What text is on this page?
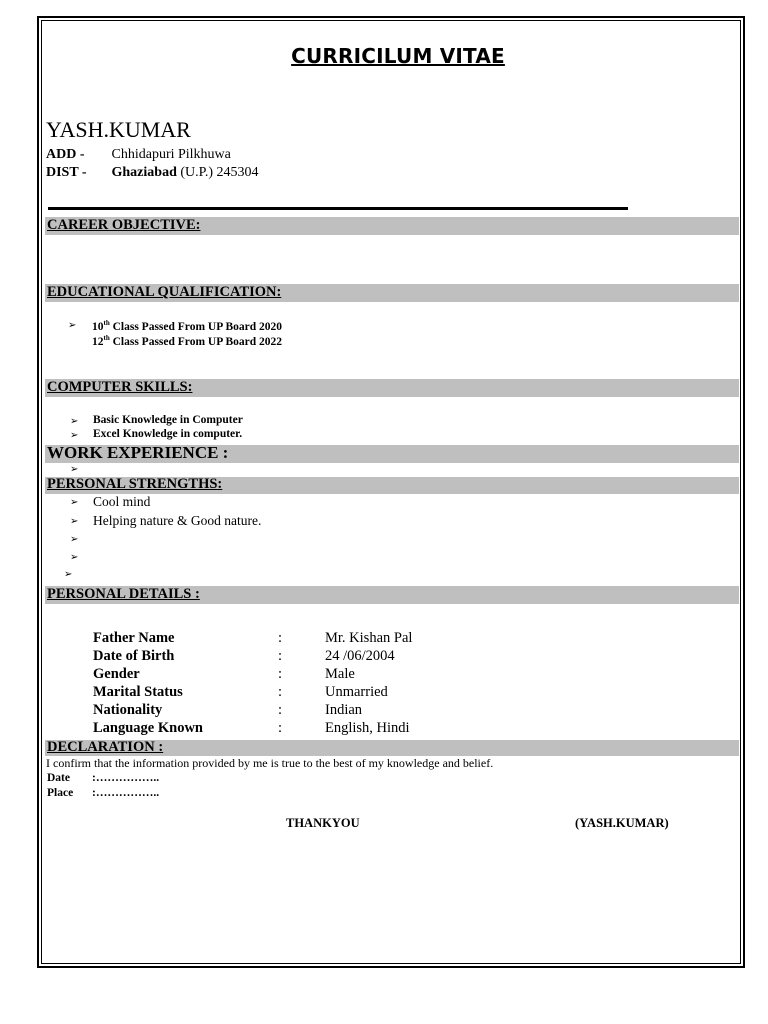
CURRICILUM VITAE
YASH.KUMAR
ADD - Chhidapuri Pilkhuwa
DIST - Ghaziabad (U.P.) 245304
CAREER OBJECTIVE:
EDUCATIONAL QUALIFICATION:
➢ 10th Class Passed From UP Board 2020
12th Class Passed From UP Board 2022
COMPUTER SKILLS:
➢ Basic Knowledge in Computer
➢ Excel Knowledge in computer.
WORK EXPERIENCE :
➢
PERSONAL STRENGTHS:
➢ Cool mind
➢ Helping nature & Good nature.
➢
➢
➢
PERSONAL DETAILS :
Father Name	:	Mr. Kishan Pal
Date of Birth	:	24 /06/2004
Gender	:	Male
Marital Status	:	Unmarried
Nationality	:	Indian
Language Known	:	English, Hindi
DECLARATION :
I confirm that the information provided by me is true to the best of my knowledge and belief.
Date :……………..
Place :……………..
THANKYOU	(YASH.KUMAR)
